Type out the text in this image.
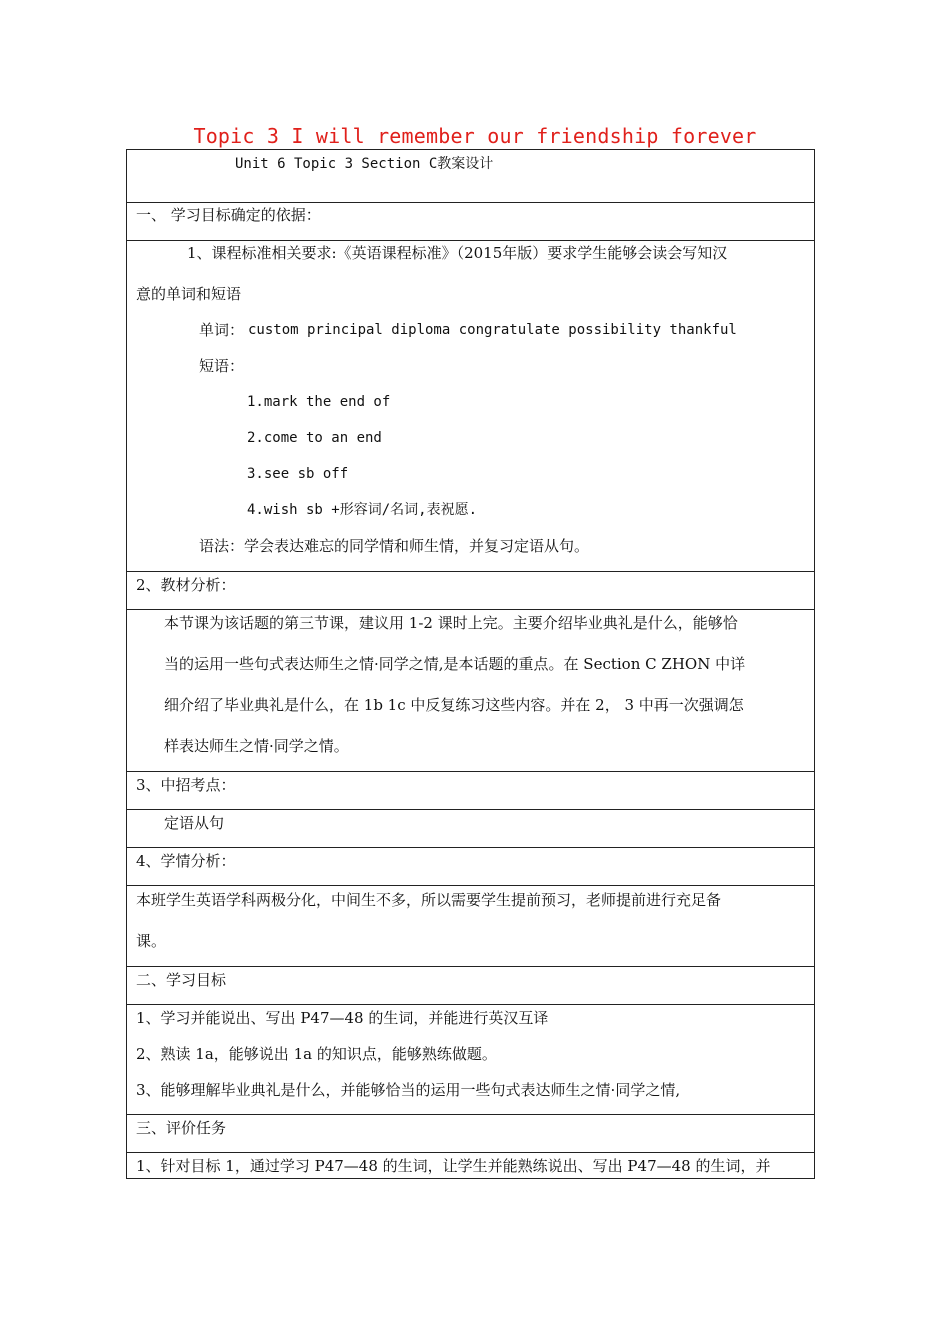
Topic 3 I will remember our friendship forever
Unit 6 Topic 3 Section C教案设计
一、 学习目标确定的依据：
1、课程标准相关要求:《英语课程标准》（2015年版）要求学生能够会读会写知汉
意的单词和短语
单词： custom principal diploma congratulate possibility thankful
短语：
1.mark the end of
2.come to an end
3.see sb off
4.wish sb +形容词/名词,表祝愿.
语法：学会表达难忘的同学情和师生情，并复习定语从句。
2、教材分析：
本节课为该话题的第三节课，建议用 1-2 课时上完。主要介绍毕业典礼是什么，能够恰
当的运用一些句式表达师生之情·同学之情,是本话题的重点。在 Section C ZHON 中详
细介绍了毕业典礼是什么，在 1b 1c 中反复练习这些内容。并在 2， 3 中再一次强调怎
样表达师生之情·同学之情。
3、中招考点：
定语从句
4、学情分析：
本班学生英语学科两极分化，中间生不多，所以需要学生提前预习，老师提前进行充足备
课。
二、学习目标
1、学习并能说出、写出 P47—48 的生词，并能进行英汉互译
2、熟读 1a，能够说出 1a 的知识点，能够熟练做题。
3、能够理解毕业典礼是什么，并能够恰当的运用一些句式表达师生之情·同学之情,
三、评价任务
1、针对目标 1，通过学习 P47—48 的生词，让学生并能熟练说出、写出 P47—48 的生词，并
